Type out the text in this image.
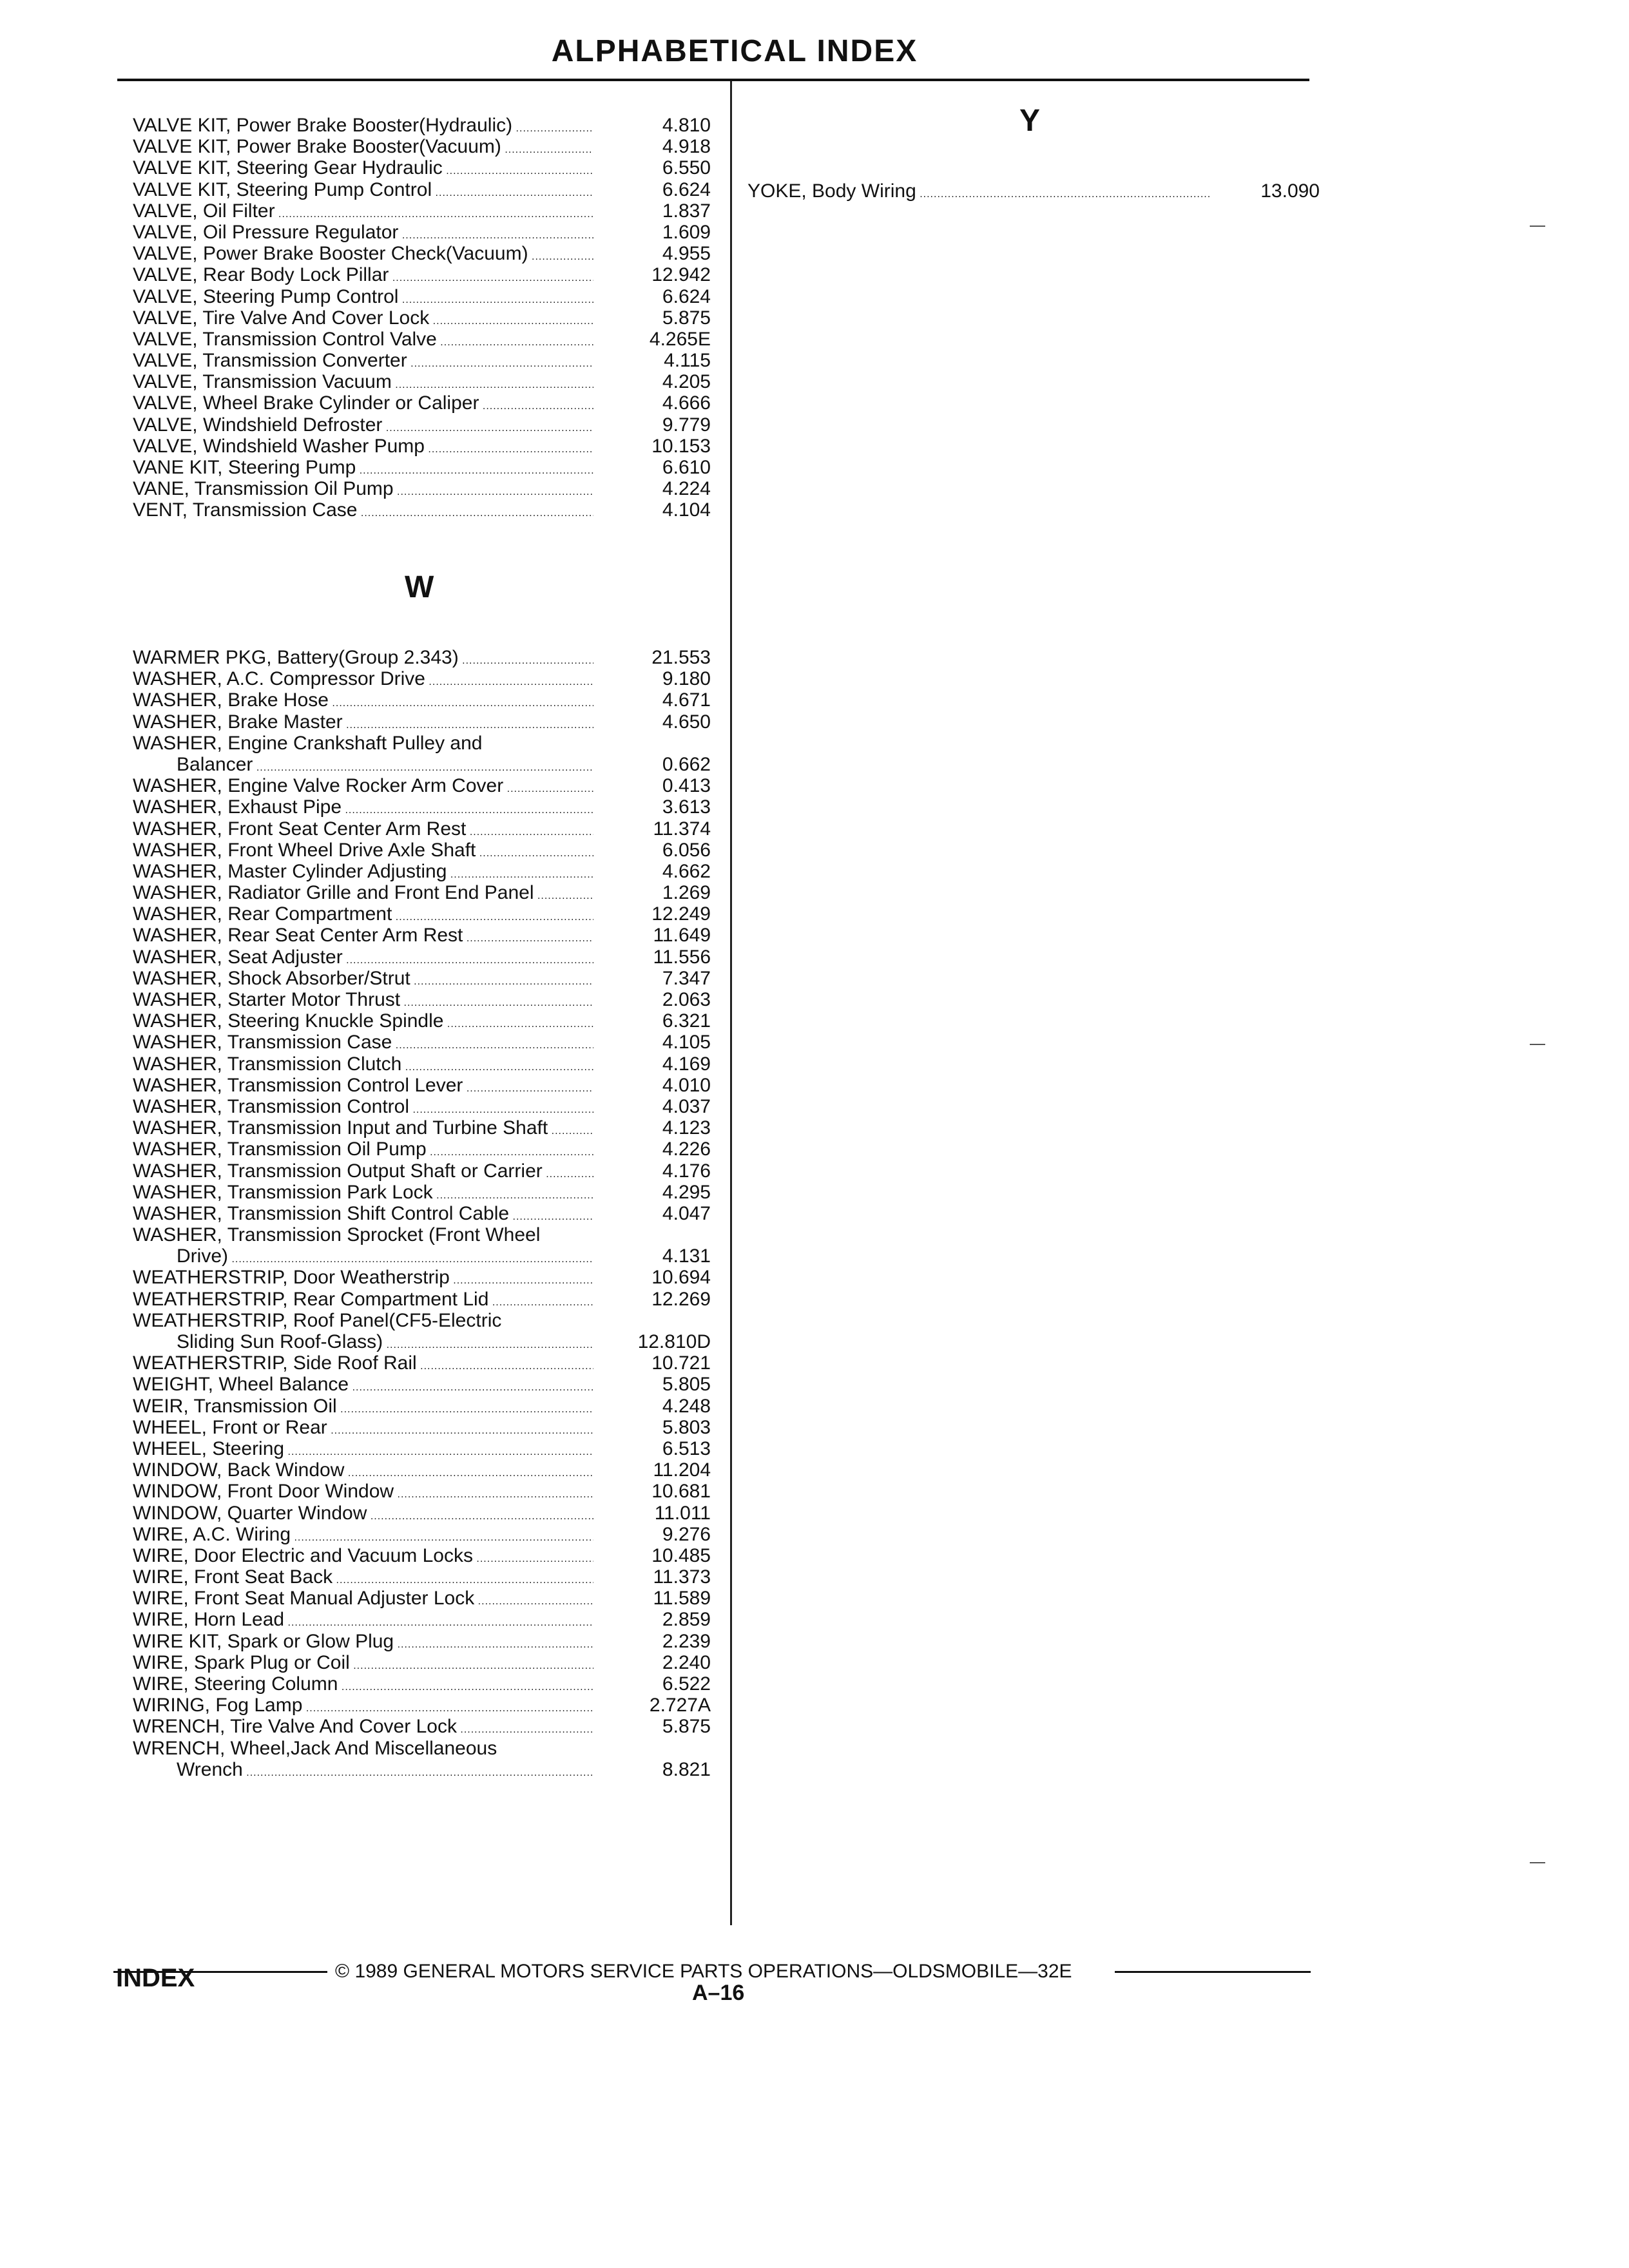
ALPHABETICAL INDEX
VALVE KIT, Power Brake Booster(Hydraulic) .....	4.810
VALVE KIT, Power Brake Booster(Vacuum) .....	4.918
VALVE KIT, Steering Gear Hydraulic .....	6.550
VALVE KIT, Steering Pump Control .....	6.624
VALVE, Oil Filter .....	1.837
VALVE, Oil Pressure Regulator .....	1.609
VALVE, Power Brake Booster Check(Vacuum) .....	4.955
VALVE, Rear Body Lock Pillar .....	12.942
VALVE, Steering Pump Control .....	6.624
VALVE, Tire Valve And Cover Lock .....	5.875
VALVE, Transmission Control Valve .....	4.265E
VALVE, Transmission Converter .....	4.115
VALVE, Transmission Vacuum .....	4.205
VALVE, Wheel Brake Cylinder or Caliper .....	4.666
VALVE, Windshield Defroster .....	9.779
VALVE, Windshield Washer Pump .....	10.153
VANE KIT, Steering Pump .....	6.610
VANE, Transmission Oil Pump .....	4.224
VENT, Transmission Case .....	4.104
W
WARMER PKG, Battery(Group 2.343) .....	21.553
WASHER, A.C. Compressor Drive .....	9.180
WASHER, Brake Hose .....	4.671
WASHER, Brake Master .....	4.650
WASHER, Engine Crankshaft Pulley and
Balancer .....	0.662
WASHER, Engine Valve Rocker Arm Cover .....	0.413
WASHER, Exhaust Pipe .....	3.613
WASHER, Front Seat Center Arm Rest .....	11.374
WASHER, Front Wheel Drive Axle Shaft .....	6.056
WASHER, Master Cylinder Adjusting .....	4.662
WASHER, Radiator Grille and Front End Panel .....	1.269
WASHER, Rear Compartment .....	12.249
WASHER, Rear Seat Center Arm Rest .....	11.649
WASHER, Seat Adjuster .....	11.556
WASHER, Shock Absorber/Strut .....	7.347
WASHER, Starter Motor Thrust .....	2.063
WASHER, Steering Knuckle Spindle .....	6.321
WASHER, Transmission Case .....	4.105
WASHER, Transmission Clutch .....	4.169
WASHER, Transmission Control Lever .....	4.010
WASHER, Transmission Control .....	4.037
WASHER, Transmission Input and Turbine Shaft .....	4.123
WASHER, Transmission Oil Pump .....	4.226
WASHER, Transmission Output Shaft or Carrier .....	4.176
WASHER, Transmission Park Lock .....	4.295
WASHER, Transmission Shift Control Cable .....	4.047
WASHER, Transmission Sprocket (Front Wheel
Drive) .....	4.131
WEATHERSTRIP, Door Weatherstrip .....	10.694
WEATHERSTRIP, Rear Compartment Lid .....	12.269
WEATHERSTRIP, Roof Panel(CF5-Electric
Sliding Sun Roof-Glass) .....	12.810D
WEATHERSTRIP, Side Roof Rail .....	10.721
WEIGHT, Wheel Balance .....	5.805
WEIR, Transmission Oil .....	4.248
WHEEL, Front or Rear .....	5.803
WHEEL, Steering .....	6.513
WINDOW, Back Window .....	11.204
WINDOW, Front Door Window .....	10.681
WINDOW, Quarter Window .....	11.011
WIRE, A.C. Wiring .....	9.276
WIRE, Door Electric and Vacuum Locks .....	10.485
WIRE, Front Seat Back .....	11.373
WIRE, Front Seat Manual Adjuster Lock .....	11.589
WIRE, Horn Lead .....	2.859
WIRE KIT, Spark or Glow Plug .....	2.239
WIRE, Spark Plug or Coil .....	2.240
WIRE, Steering Column .....	6.522
WIRING, Fog Lamp .....	2.727A
WRENCH, Tire Valve And Cover Lock .....	5.875
WRENCH, Wheel,Jack And Miscellaneous
Wrench .....	8.821
Y
YOKE, Body Wiring .....	13.090
© 1989 GENERAL MOTORS SERVICE PARTS OPERATIONS—OLDSMOBILE—32E
INDEX
A–16
